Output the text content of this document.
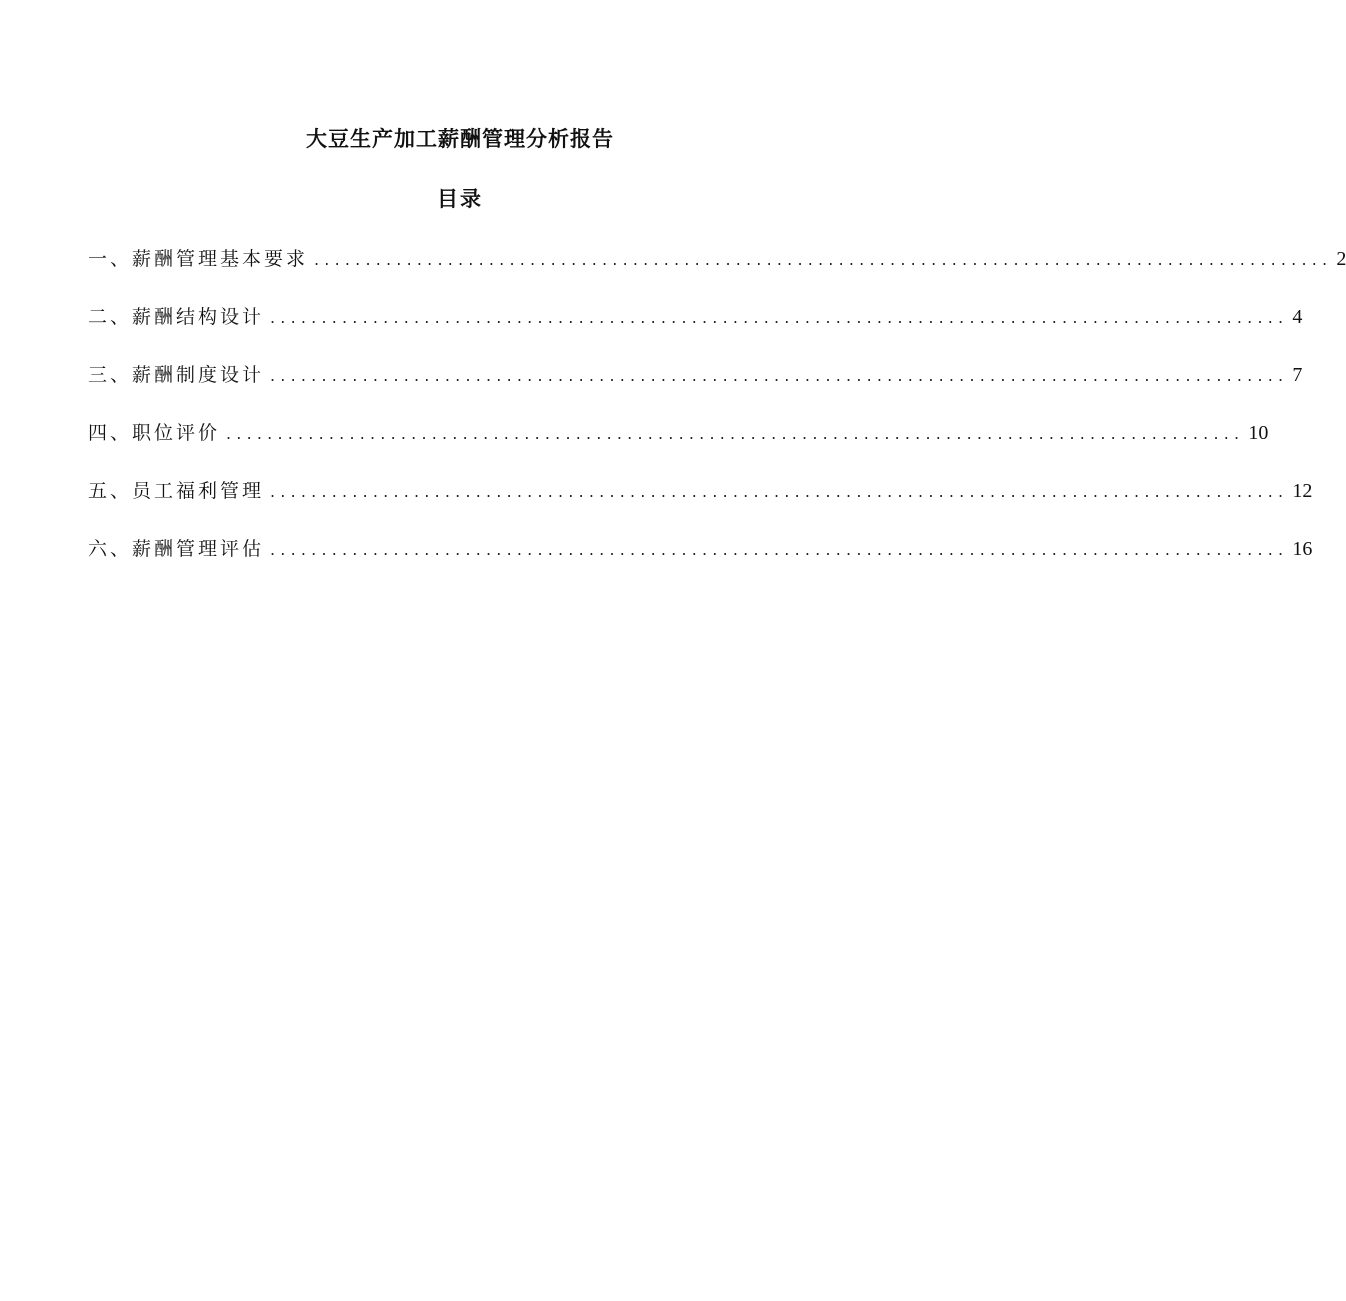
大豆生产加工薪酬管理分析报告
目录
一、薪酬管理基本要求 ................................................................................................... 2
二、薪酬结构设计 ................................................................................................... 4
三、薪酬制度设计 ................................................................................................... 7
四、职位评价 ................................................................................................... 10
五、员工福利管理 ................................................................................................... 12
六、薪酬管理评估 ................................................................................................... 16
